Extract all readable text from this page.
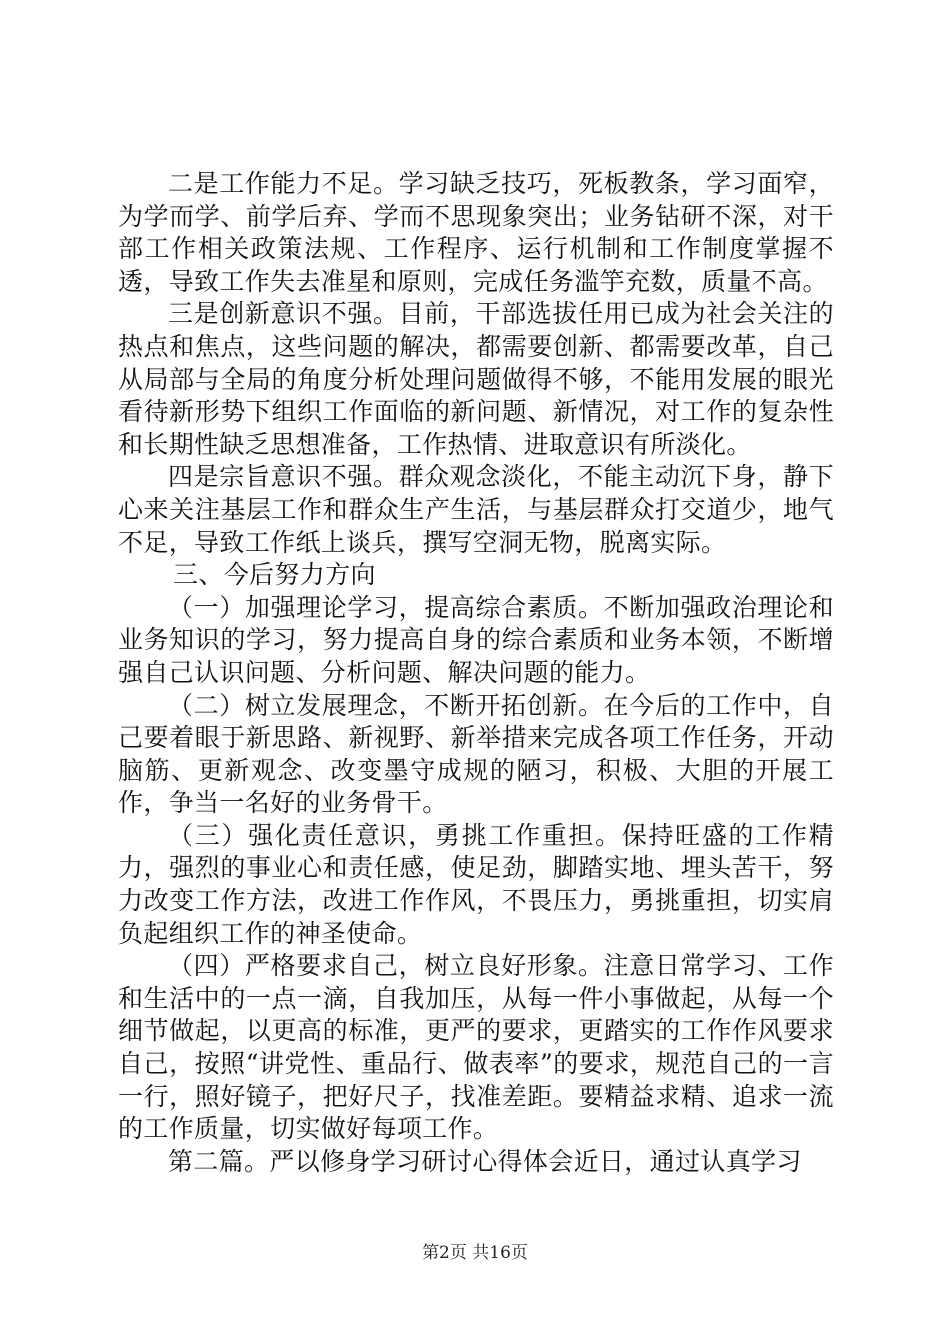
二是工作能力不足。学习缺乏技巧，死板教条，学习面窄，为学而学、前学后弃、学而不思现象突出；业务钻研不深，对干部工作相关政策法规、工作程序、运行机制和工作制度掌握不透，导致工作失去准星和原则，完成任务滥竽充数，质量不高。

三是创新意识不强。目前，干部选拔任用已成为社会关注的热点和焦点，这些问题的解决，都需要创新、都需要改革，自己从局部与全局的角度分析处理问题做得不够，不能用发展的眼光看待新形势下组织工作面临的新问题、新情况，对工作的复杂性和长期性缺乏思想准备，工作热情、进取意识有所淡化。

四是宗旨意识不强。群众观念淡化，不能主动沉下身，静下心来关注基层工作和群众生产生活，与基层群众打交道少，地气不足，导致工作纸上谈兵，撰写空洞无物，脱离实际。

三、今后努力方向

（一）加强理论学习，提高综合素质。不断加强政治理论和业务知识的学习，努力提高自身的综合素质和业务本领，不断增强自己认识问题、分析问题、解决问题的能力。

（二）树立发展理念，不断开拓创新。在今后的工作中，自己要着眼于新思路、新视野、新举措来完成各项工作任务，开动脑筋、更新观念、改变墨守成规的陋习，积极、大胆的开展工作，争当一名好的业务骨干。

（三）强化责任意识，勇挑工作重担。保持旺盛的工作精力，强烈的事业心和责任感，使足劲，脚踏实地、埋头苦干，努力改变工作方法，改进工作作风，不畏压力，勇挑重担，切实肩负起组织工作的神圣使命。

（四）严格要求自己，树立良好形象。注意日常学习、工作和生活中的一点一滴，自我加压，从每一件小事做起，从每一个细节做起，以更高的标准，更严的要求，更踏实的工作作风要求自己，按照“讲党性、重品行、做表率”的要求，规范自己的一言一行，照好镜子，把好尺子，找准差距。要精益求精、追求一流的工作质量，切实做好每项工作。

第二篇。严以修身学习研讨心得体会近日，通过认真学习

第2页 共16页
